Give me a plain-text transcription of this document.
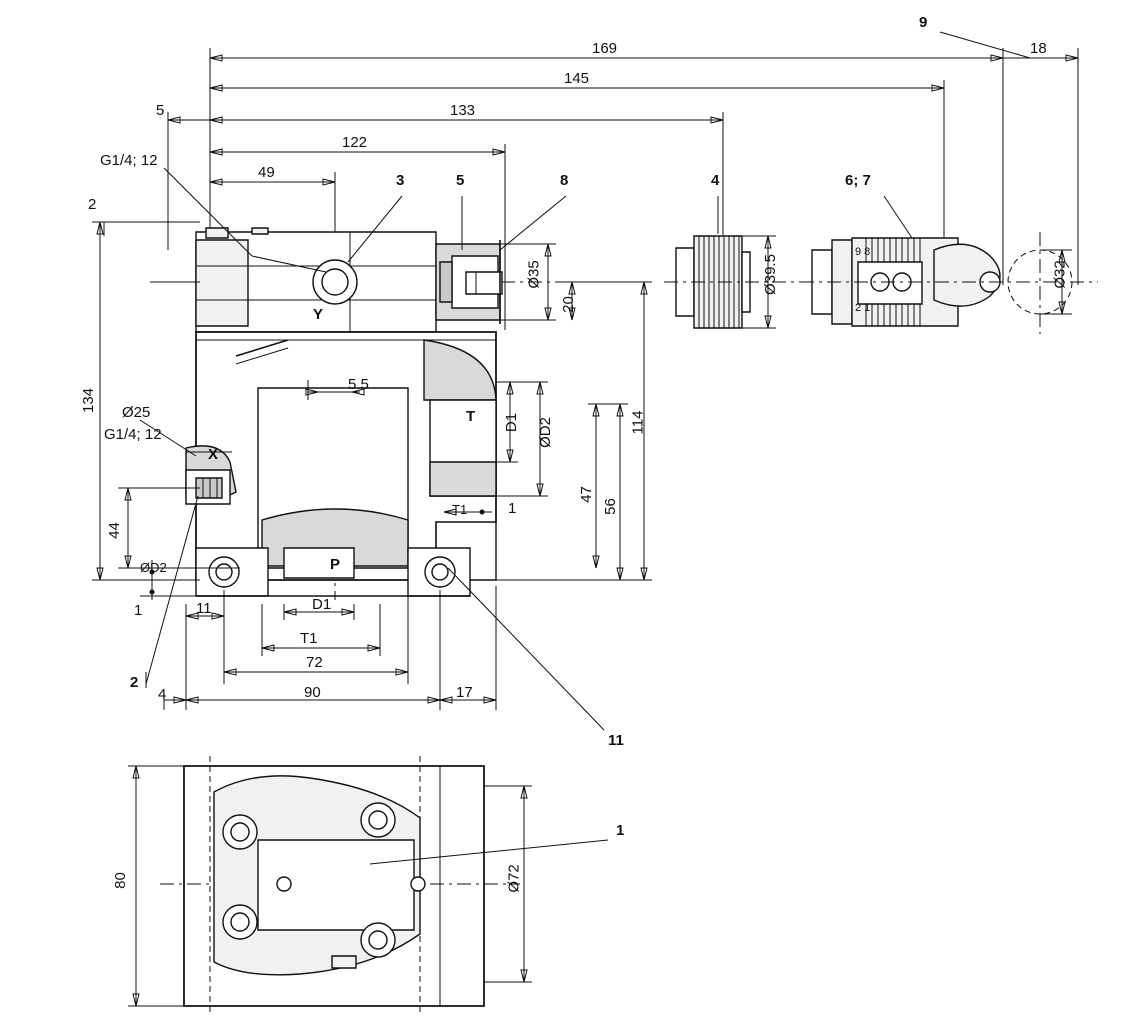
9
3	5	8	4	6; 7
2
11
1
169
145
133
122
49
5
18
G1/4; 12
Ø25
G1/4; 12
134
44
2
1
ØD2
Y
X
P
T
5.5
D1 ØD2
T1	1
D1
T1
Ø35
20
47
56
114
4
11
72
90	17
Ø39.5	Ø32
9 8
2 1
80	Ø72
